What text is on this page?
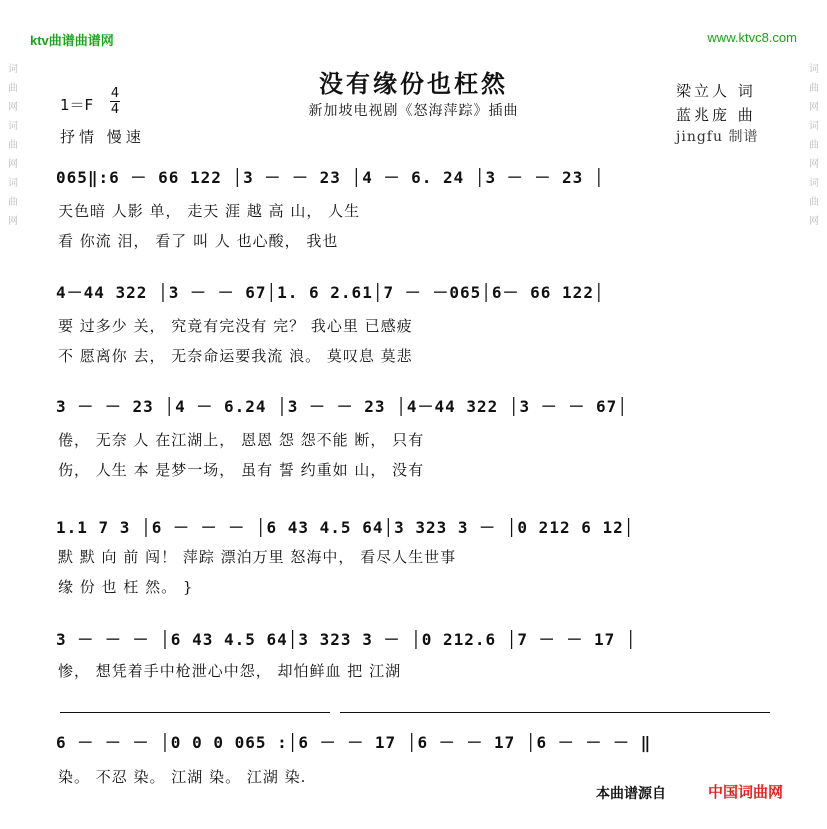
ktv曲谱曲谱网	www.ktvc8.com
词曲网词曲网词曲网
词曲网词曲网词曲网
没有缘份也枉然
新加坡电视剧《怒海萍踪》插曲
梁立人 词
蓝兆庞 曲
jingfu 制谱
1＝F
4
4
抒情 慢速
065‖:6 － 66 122 │3 － － 23 │4 － 6. 24 │3 － － 23 │
天色暗 人影 单， 走天 涯 越 高 山， 人生
看 你流 泪， 看了 叫 人 也心酸， 我也
4－44 322 │3 － － 67│1. 6 2.61│7 － －065│6－ 66 122│
要 过多少 关， 究竟有完没有 完？ 我心里 已感疲
不 愿离你 去， 无奈命运要我流 浪。 莫叹息 莫悲
3 － － 23 │4 － 6.24 │3 － － 23 │4－44 322 │3 － － 67│
倦， 无奈 人 在江湖上， 恩恩 怨 怨不能 断， 只有
伤， 人生 本 是梦一场， 虽有 誓 约重如 山， 没有
1.1 7 3 │6 － － － │6 43 4.5 64│3 323 3 － │0 212 6 12│
默 默 向 前 闯！ 萍踪 漂泊万里 怒海中， 看尽人生世事
缘 份 也 枉 然。 }
3 － － － │6 43 4.5 64│3 323 3 － │0 212.6 │7 － － 17 │
惨， 想凭着手中枪泄心中怨， 却怕鲜血 把 江湖
6 － － － │0 0 0 065 :│6 － － 17 │6 － － 17 │6 － － － ‖
染。 不忍 染。 江湖 染。 江湖 染.
本曲谱源自	中国词曲网
